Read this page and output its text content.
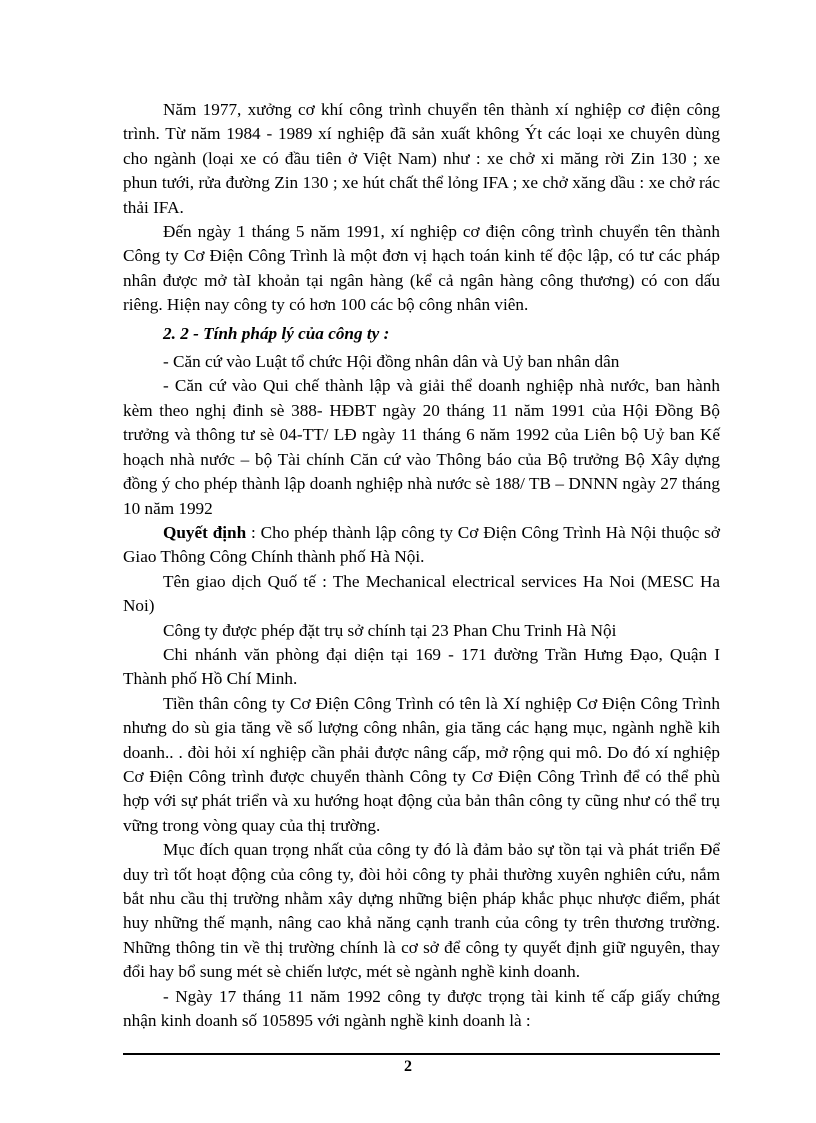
Năm 1977, xưởng cơ khí công trình chuyển tên thành xí nghiệp cơ điện công trình. Từ năm 1984 - 1989 xí nghiệp đã sản xuất không Ýt các loại xe chuyên dùng cho ngành (loại xe có đầu tiên ở Việt Nam) như : xe chở xi măng rời Zin 130 ; xe phun tưới, rửa đường Zin 130 ; xe hút chất thể lỏng IFA ; xe chở xăng dầu : xe chở rác thải IFA.

Đến ngày 1 tháng 5 năm 1991, xí nghiệp cơ điện công trình chuyển tên thành Công ty Cơ Điện Công Trình là một đơn vị hạch toán kinh tế độc lập, có tư các pháp nhân được mở tàI khoản tại ngân hàng (kể cả ngân hàng công thương) có con dấu riêng. Hiện nay công ty có hơn 100 các bộ công nhân viên.

2. 2 - Tính pháp lý của công ty :

- Căn cứ vào Luật tổ chức Hội đồng nhân dân và Uỷ ban nhân dân

- Căn cứ vào Qui chế thành lập và giải thể doanh nghiệp nhà nước, ban hành kèm theo nghị đinh sè 388- HĐBT ngày 20 tháng 11 năm 1991 của Hội Đồng Bộ trưởng và thông tư sè 04-TT/ LĐ ngày 11 tháng 6 năm 1992 của Liên bộ Uỷ ban Kế hoạch nhà nước – bộ Tài chính Căn cứ vào Thông báo của Bộ trưởng Bộ Xây dựng đồng ý cho phép thành lập doanh nghiệp nhà nước sè 188/ TB – DNNN ngày 27 tháng 10 năm 1992

Quyết định : Cho phép thành lập công ty Cơ Điện Công Trình Hà Nội thuộc sở Giao Thông Công Chính thành phố Hà Nội.

Tên giao dịch Quố tế : The Mechanical electrical services Ha Noi (MESC Ha Noi)

Công ty được phép đặt trụ sở chính tại 23 Phan Chu Trinh Hà Nội

Chi nhánh văn phòng đại diện tại 169 - 171 đường Trần Hưng Đạo, Quận I Thành phố Hồ Chí Minh.

Tiền thân công ty Cơ Điện Công Trình có tên là Xí nghiệp Cơ Điện Công Trình nhưng do sù gia tăng về số lượng công nhân, gia tăng các hạng mục, ngành nghề kih doanh.. . đòi hỏi xí nghiệp cần phải được nâng cấp, mở rộng qui mô. Do đó xí nghiệp Cơ Điện Công trình được chuyển thành Công ty Cơ Điện Công Trình để có thể phù hợp với sự phát triển và xu hướng hoạt động của bản thân công ty cũng như có thể trụ vững trong vòng quay của thị trường.

Mục đích quan trọng nhất của công ty đó là đảm bảo sự tồn tại và phát triển Để duy trì tốt hoạt động của công ty, đòi hỏi công ty phải thường xuyên nghiên cứu, nắm bắt nhu cầu thị trường nhằm xây dựng những biện pháp khắc phục nhược điểm, phát huy những thế mạnh, nâng cao khả năng cạnh tranh của công ty trên thương trường. Những thông tin về thị trường chính là cơ sở để công ty quyết định giữ nguyên, thay đổi hay bổ sung mét sè chiến lược, mét sè ngành nghề kinh doanh.

- Ngày 17 tháng 11 năm 1992 công ty được trọng tài kinh tế cấp giấy chứng nhận kinh doanh số 105895 với ngành nghề kinh doanh là :

2
